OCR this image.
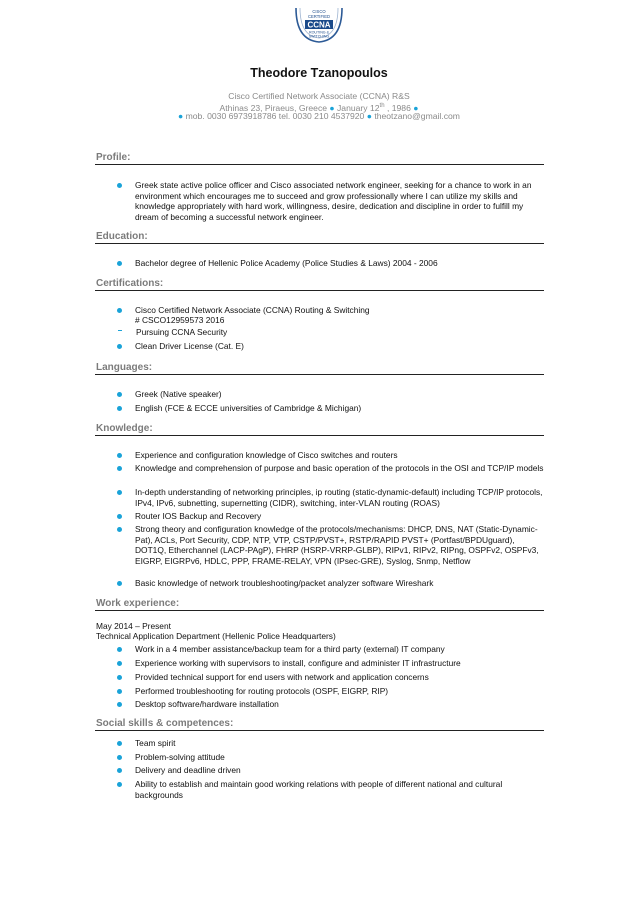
CISCO
CERTIFIED
CCNA
ROUTING &
SWITCHING
Theodore Tzanopoulos
Cisco Certified Network Associate (CCNA) R&S
Athinas 23, Piraeus, Greece ● January 12th , 1986 ●
● mob. 0030 6973918786 tel. 0030 210 4537920 ● theotzano@gmail.com
Profile:
Greek state active police officer and Cisco associated network engineer, seeking for a chance to work in an environment which encourages me to succeed and grow professionally where I can utilize my skills and knowledge appropriately with hard work, willingness, desire, dedication and discipline in order to fulfill my dream of becoming a successful network engineer.
Education:
Bachelor degree of Hellenic Police Academy (Police Studies & Laws) 2004 - 2006
Certifications:
Cisco Certified Network Associate (CCNA) Routing & Switching
# CSCO12959573 2016
Pursuing CCNA Security
Clean Driver License (Cat. E)
Languages:
Greek (Native speaker)
English (FCE & ECCE universities of Cambridge & Michigan)
Knowledge:
Experience and configuration knowledge of Cisco switches and routers
Knowledge and comprehension of purpose and basic operation of the protocols in the OSI and TCP/IP models
In-depth understanding of networking principles, ip routing (static-dynamic-default) including TCP/IP protocols, IPv4, IPv6, subnetting, supernetting (CIDR), switching, inter-VLAN routing (ROAS)
Router IOS Backup and Recovery
Strong theory and configuration knowledge of the protocols/mechanisms: DHCP, DNS, NAT (Static-Dynamic-Pat), ACLs, Port Security, CDP, NTP, VTP, CSTP/PVST+, RSTP/RAPID PVST+ (Portfast/BPDUguard), DOT1Q, Etherchannel (LACP-PAgP), FHRP (HSRP-VRRP-GLBP), RIPv1, RIPv2, RIPng, OSPFv2, OSPFv3, EIGRP, EIGRPv6, HDLC, PPP, FRAME-RELAY, VPN (IPsec-GRE), Syslog, Snmp, Netflow
Basic knowledge of network troubleshooting/packet analyzer software Wireshark
Work experience:
May 2014 – Present
Technical Application Department (Hellenic Police Headquarters)
Work in a 4 member assistance/backup team for a third party (external) IT company
Experience working with supervisors to install, configure and administer IT infrastructure
Provided technical support for end users with network and application concerns
Performed troubleshooting for routing protocols (OSPF, EIGRP, RIP)
Desktop software/hardware installation
Social skills & competences:
Team spirit
Problem-solving attitude
Delivery and deadline driven
Ability to establish and maintain good working relations with people of different national and cultural backgrounds
